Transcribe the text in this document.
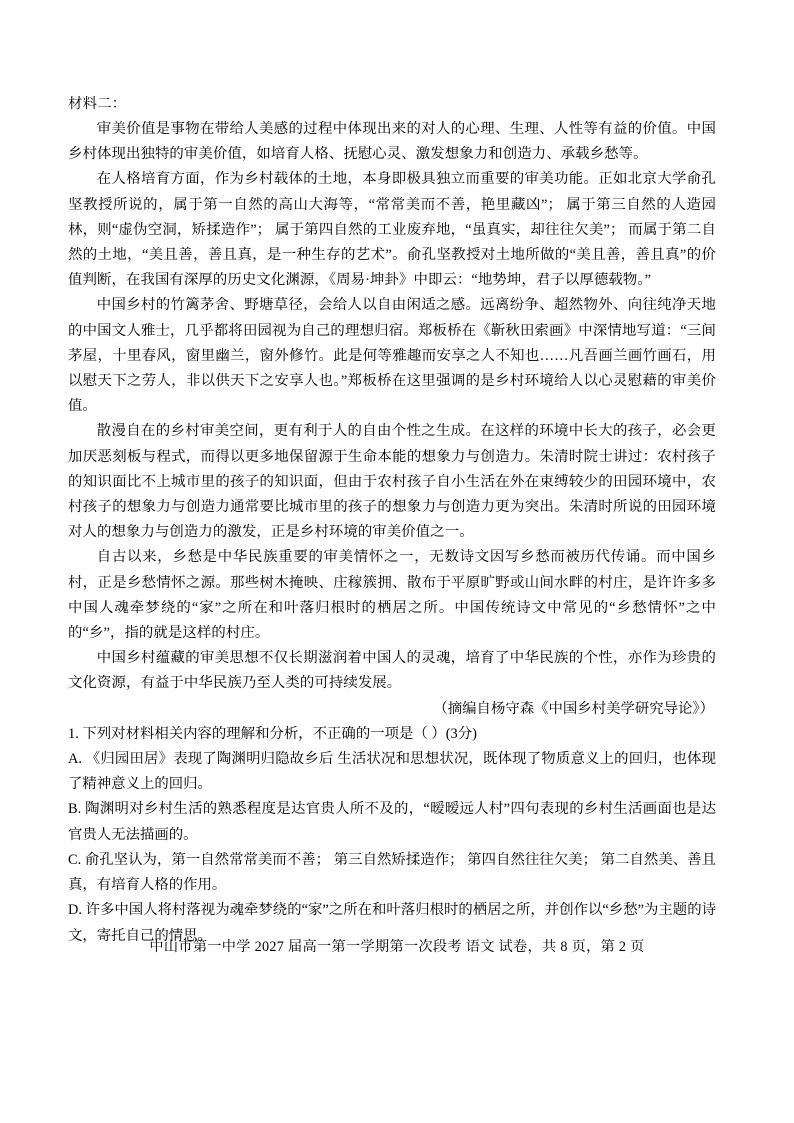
材料二：

审美价值是事物在带给人美感的过程中体现出来的对人的心理、生理、人性等有益的价值。中国乡村体现出独特的审美价值，如培育人格、抚慰心灵、激发想象力和创造力、承载乡愁等。

在人格培育方面，作为乡村载体的土地，本身即极具独立而重要的审美功能。正如北京大学俞孔坚教授所说的，属于第一自然的高山大海等，“常常美而不善，艳里藏凶”； 属于第三自然的人造园林，则“虚伪空洞，矫揉造作”； 属于第四自然的工业废弃地，“虽真实，却往往欠美”； 而属于第二自然的土地，“美且善，善且真，是一种生存的艺术”。俞孔坚教授对土地所做的“美且善，善且真”的价值判断，在我国有深厚的历史文化渊源，《周易·坤卦》中即云：“地势坤，君子以厚德载物。”

中国乡村的竹篱茅舍、野塘草径，会给人以自由闲适之感。远离纷争、超然物外、向往纯净天地的中国文人雅士，几乎都将田园视为自己的理想归宿。郑板桥在《靳秋田索画》中深情地写道：“三间茅屋，十里春风，窗里幽兰，窗外修竹。此是何等雅趣而安享之人不知也……凡吾画兰画竹画石，用以慰天下之劳人，非以供天下之安享人也。”郑板桥在这里强调的是乡村环境给人以心灵慰藉的审美价值。

散漫自在的乡村审美空间，更有利于人的自由个性之生成。在这样的环境中长大的孩子，必会更加厌恶刻板与程式，而得以更多地保留源于生命本能的想象力与创造力。朱清时院士讲过：农村孩子的知识面比不上城市里的孩子的知识面，但由于农村孩子自小生活在外在束缚较少的田园环境中，农村孩子的想象力与创造力通常要比城市里的孩子的想象力与创造力更为突出。朱清时所说的田园环境对人的想象力与创造力的激发，正是乡村环境的审美价值之一。

自古以来，乡愁是中华民族重要的审美情怀之一，无数诗文因写乡愁而被历代传诵。而中国乡村，正是乡愁情怀之源。那些树木掩映、庄稼簇拥、散布于平原旷野或山间水畔的村庄，是许许多多中国人魂牵梦绕的“家”之所在和叶落归根时的栖居之所。中国传统诗文中常见的“乡愁情怀”之中的“乡”，指的就是这样的村庄。

中国乡村蕴藏的审美思想不仅长期滋润着中国人的灵魂，培育了中华民族的个性，亦作为珍贵的文化资源，有益于中华民族乃至人类的可持续发展。

（摘编自杨守森《中国乡村美学研究导论》）

1. 下列对材料相关内容的理解和分析，不正确的一项是（ ）(3分)

A. 《归园田居》表现了陶渊明归隐故乡后 生活状况和思想状况，既体现了物质意义上的回归，也体现了精神意义上的回归。

B. 陶渊明对乡村生活的熟悉程度是达官贵人所不及的，“暧暧远人村”四句表现的乡村生活画面也是达官贵人无法描画的。

C. 俞孔坚认为，第一自然常常美而不善； 第三自然矫揉造作； 第四自然往往欠美； 第二自然美、善且真，有培育人格的作用。

D. 许多中国人将村落视为魂牵梦绕的“家”之所在和叶落归根时的栖居之所，并创作以“乡愁”为主题的诗文，寄托自己的情思。

中山市第一中学 2027 届高一第一学期第一次段考 语文 试卷，共 8 页，第 2 页
